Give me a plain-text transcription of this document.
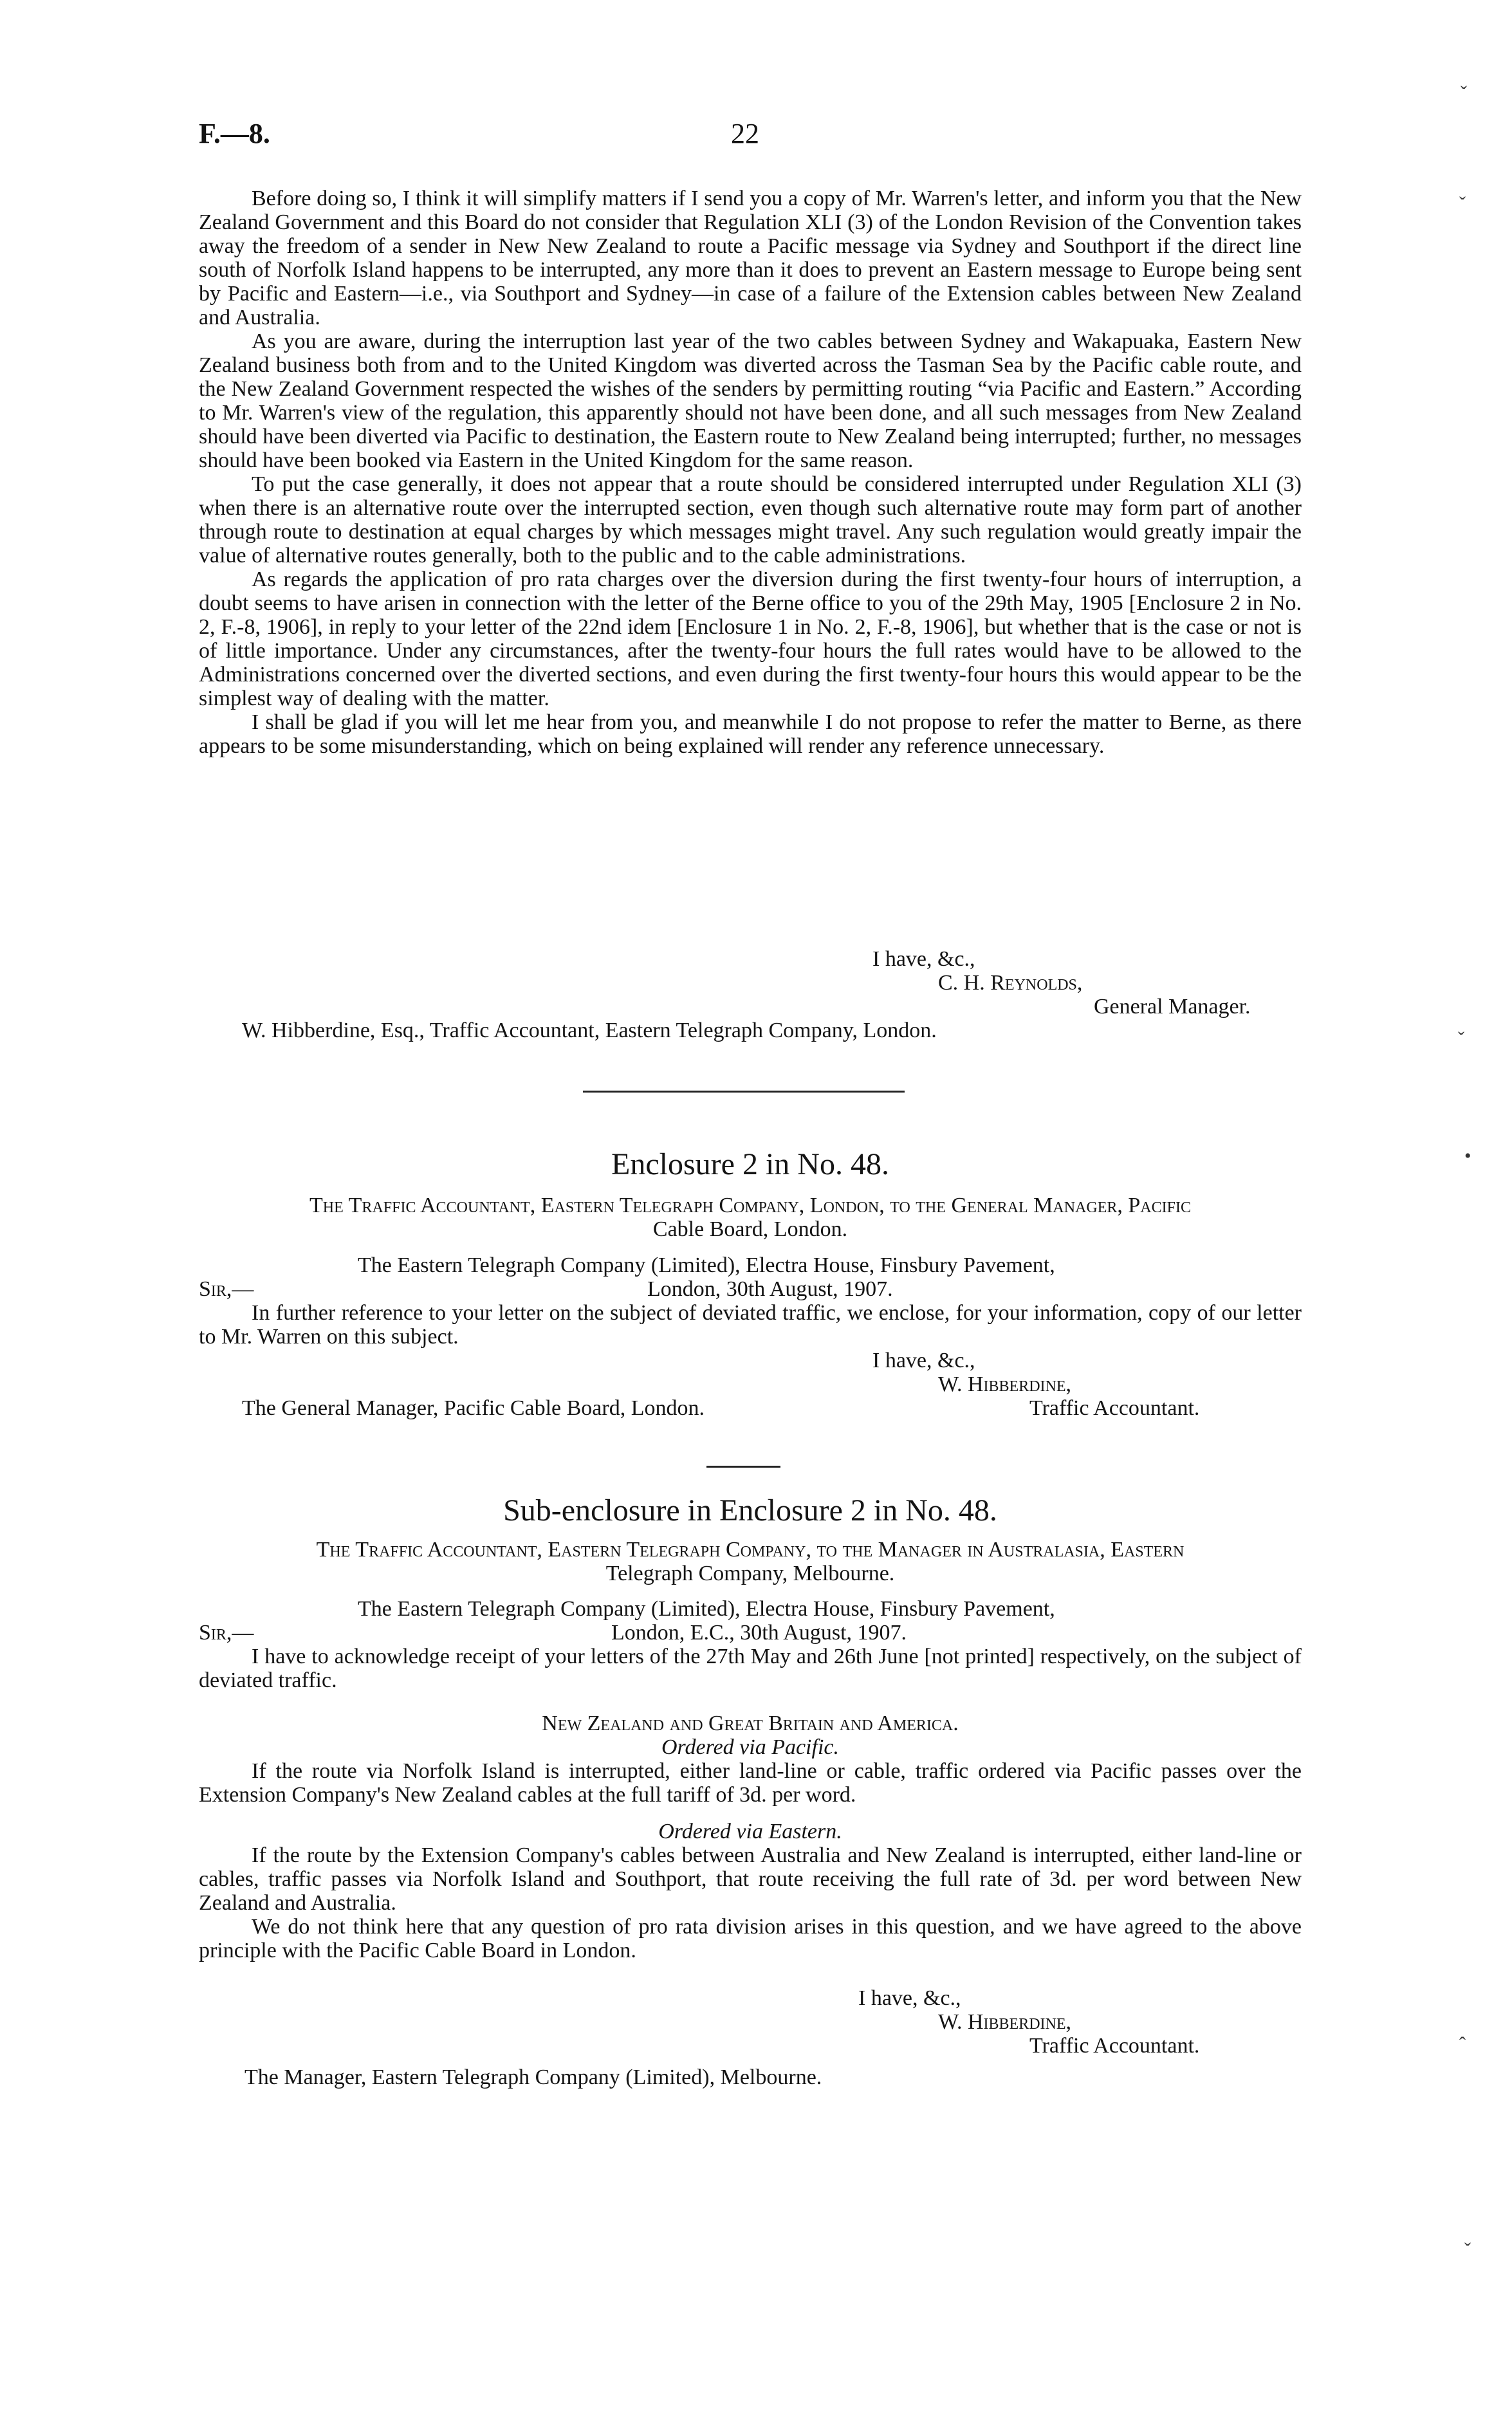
F.—8.	22

Before doing so, I think it will simplify matters if I send you a copy of Mr. Warren's letter, and inform you that the New Zealand Government and this Board do not consider that Regulation XLI (3) of the London Revision of the Convention takes away the freedom of a sender in New New Zealand to route a Pacific message via Sydney and Southport if the direct line south of Norfolk Island happens to be interrupted, any more than it does to prevent an Eastern message to Europe being sent by Pacific and Eastern—i.e., via Southport and Sydney—in case of a failure of the Extension cables between New Zealand and Australia.

As you are aware, during the interruption last year of the two cables between Sydney and Wakapuaka, Eastern New Zealand business both from and to the United Kingdom was diverted across the Tasman Sea by the Pacific cable route, and the New Zealand Government respected the wishes of the senders by permitting routing “via Pacific and Eastern.” According to Mr. Warren's view of the regulation, this apparently should not have been done, and all such messages from New Zealand should have been diverted via Pacific to destination, the Eastern route to New Zealand being interrupted; further, no messages should have been booked via Eastern in the United Kingdom for the same reason.

To put the case generally, it does not appear that a route should be considered interrupted under Regulation XLI (3) when there is an alternative route over the interrupted section, even though such alternative route may form part of another through route to destination at equal charges by which messages might travel. Any such regulation would greatly impair the value of alternative routes generally, both to the public and to the cable administrations.

As regards the application of pro rata charges over the diversion during the first twenty-four hours of interruption, a doubt seems to have arisen in connection with the letter of the Berne office to you of the 29th May, 1905 [Enclosure 2 in No. 2, F.-8, 1906], in reply to your letter of the 22nd idem [Enclosure 1 in No. 2, F.-8, 1906], but whether that is the case or not is of little importance. Under any circumstances, after the twenty-four hours the full rates would have to be allowed to the Administrations concerned over the diverted sections, and even during the first twenty-four hours this would appear to be the simplest way of dealing with the matter.

I shall be glad if you will let me hear from you, and meanwhile I do not propose to refer the matter to Berne, as there appears to be some misunderstanding, which on being explained will render any reference unnecessary.

I have, &c.,
C. H. Reynolds,
General Manager.
W. Hibberdine, Esq., Traffic Accountant, Eastern Telegraph Company, London.
Enclosure 2 in No. 48.
The Traffic Accountant, Eastern Telegraph Company, London, to the General Manager, Pacific
Cable Board, London.
The Eastern Telegraph Company (Limited), Electra House, Finsbury Pavement,
Sir,—	London, 30th August, 1907.

In further reference to your letter on the subject of deviated traffic, we enclose, for your information, copy of our letter to Mr. Warren on this subject.

I have, &c.,
W. Hibberdine,
The General Manager, Pacific Cable Board, London.	Traffic Accountant.
Sub-enclosure in Enclosure 2 in No. 48.
The Traffic Accountant, Eastern Telegraph Company, to the Manager in Australasia, Eastern
Telegraph Company, Melbourne.
The Eastern Telegraph Company (Limited), Electra House, Finsbury Pavement,
Sir,—	London, E.C., 30th August, 1907.

I have to acknowledge receipt of your letters of the 27th May and 26th June [not printed] respectively, on the subject of deviated traffic.

New Zealand and Great Britain and America.
Ordered via Pacific.

If the route via Norfolk Island is interrupted, either land-line or cable, traffic ordered via Pacific passes over the Extension Company's New Zealand cables at the full tariff of 3d. per word.

Ordered via Eastern.

If the route by the Extension Company's cables between Australia and New Zealand is interrupted, either land-line or cables, traffic passes via Norfolk Island and Southport, that route receiving the full rate of 3d. per word between New Zealand and Australia.

We do not think here that any question of pro rata division arises in this question, and we have agreed to the above principle with the Pacific Cable Board in London.

I have, &c.,
W. Hibberdine,
Traffic Accountant.
The Manager, Eastern Telegraph Company (Limited), Melbourne.
ˇ
ˇ
ˇ
•
ˆ
ˇ
